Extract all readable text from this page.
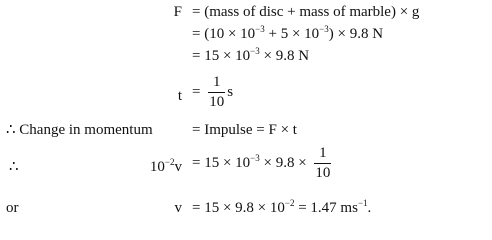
F = (mass of disc + mass of marble) × g
= $(10 \times 10^{-3} + 5 \times 10^{-3}) \times 9.8$ N
= $15 \times 10^{-3} \times 9.8$ N
$t = \frac{1}{10}$ s
∴ Change in momentum	= Impulse = F × t
∴	$10^{-2}v = 15 \times 10^{-3} \times 9.8 \times \frac{1}{10}$
or	$v = 15 \times 9.8 \times 10^{-2} = 1.47$ $ms^{-1}$.
